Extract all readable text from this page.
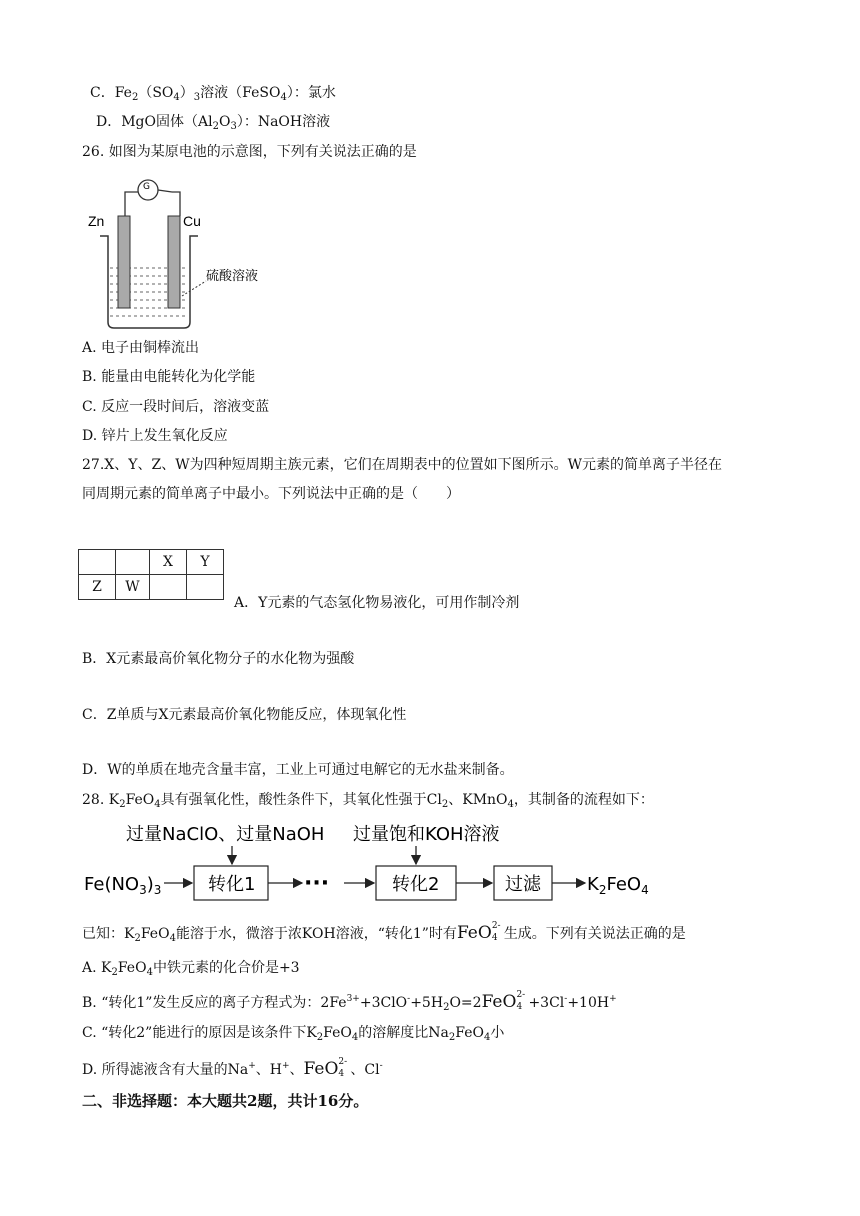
C．$Fe_2(SO_4)_3$溶液（FeSO$_4$）：氯水
D．MgO固体$(Al_2O_3)$：NaOH溶液
26. 如图为某原电池的示意图，下列有关说法正确的是
G
Zn	Cu
硫酸溶液
A. 电子由铜棒流出
B. 能量由电能转化为化学能
C. 反应一段时间后，溶液变蓝
D. 锌片上发生氧化反应
27.X、Y、Z、W为四种短周期主族元素，它们在周期表中的位置如下图所示。W元素的简单离子半径在
同周期元素的简单离子中最小。下列说法中正确的是（　　）
		X	Y
Z	W		
A．Y元素的气态氢化物易液化，可用作制冷剂
B．X元素最高价氧化物分子的水化物为强酸
C．Z单质与X元素最高价氧化物能反应，体现氧化性
D．W的单质在地壳含量丰富，工业上可通过电解它的无水盐来制备。
28. $K_2FeO_4$具有强氧化性，酸性条件下，其氧化性强于$Cl_2$、KMnO$_4$，其制备的流程如下：
过量NaClO、过量NaOH 过量饱和KOH溶液
$Fe(NO_3)_3$	转化1 ···	转化2	过滤	$K_2FeO_4$
已知：$K_2FeO_4$能溶于水，微溶于浓KOH溶液，“转化1”时有FeO 2-
4 生成。下列有关说法正确的是
A. $K_2FeO_4$中铁元素的化合价是+3
B. “转化1”发生反应的离子方程式为：$2Fe^{3+}+3ClO^-+5H_2O=2FeO$ 2-
4 +3Cl-+10H+
C. “转化2”能进行的原因是该条件下$K_2FeO_4$的溶解度比$Na_2FeO_4$小
D. 所得滤液含有大量的Na+、H+、FeO 2-
4 、Cl-
二、非选择题：本大题共2题，共计16分。
